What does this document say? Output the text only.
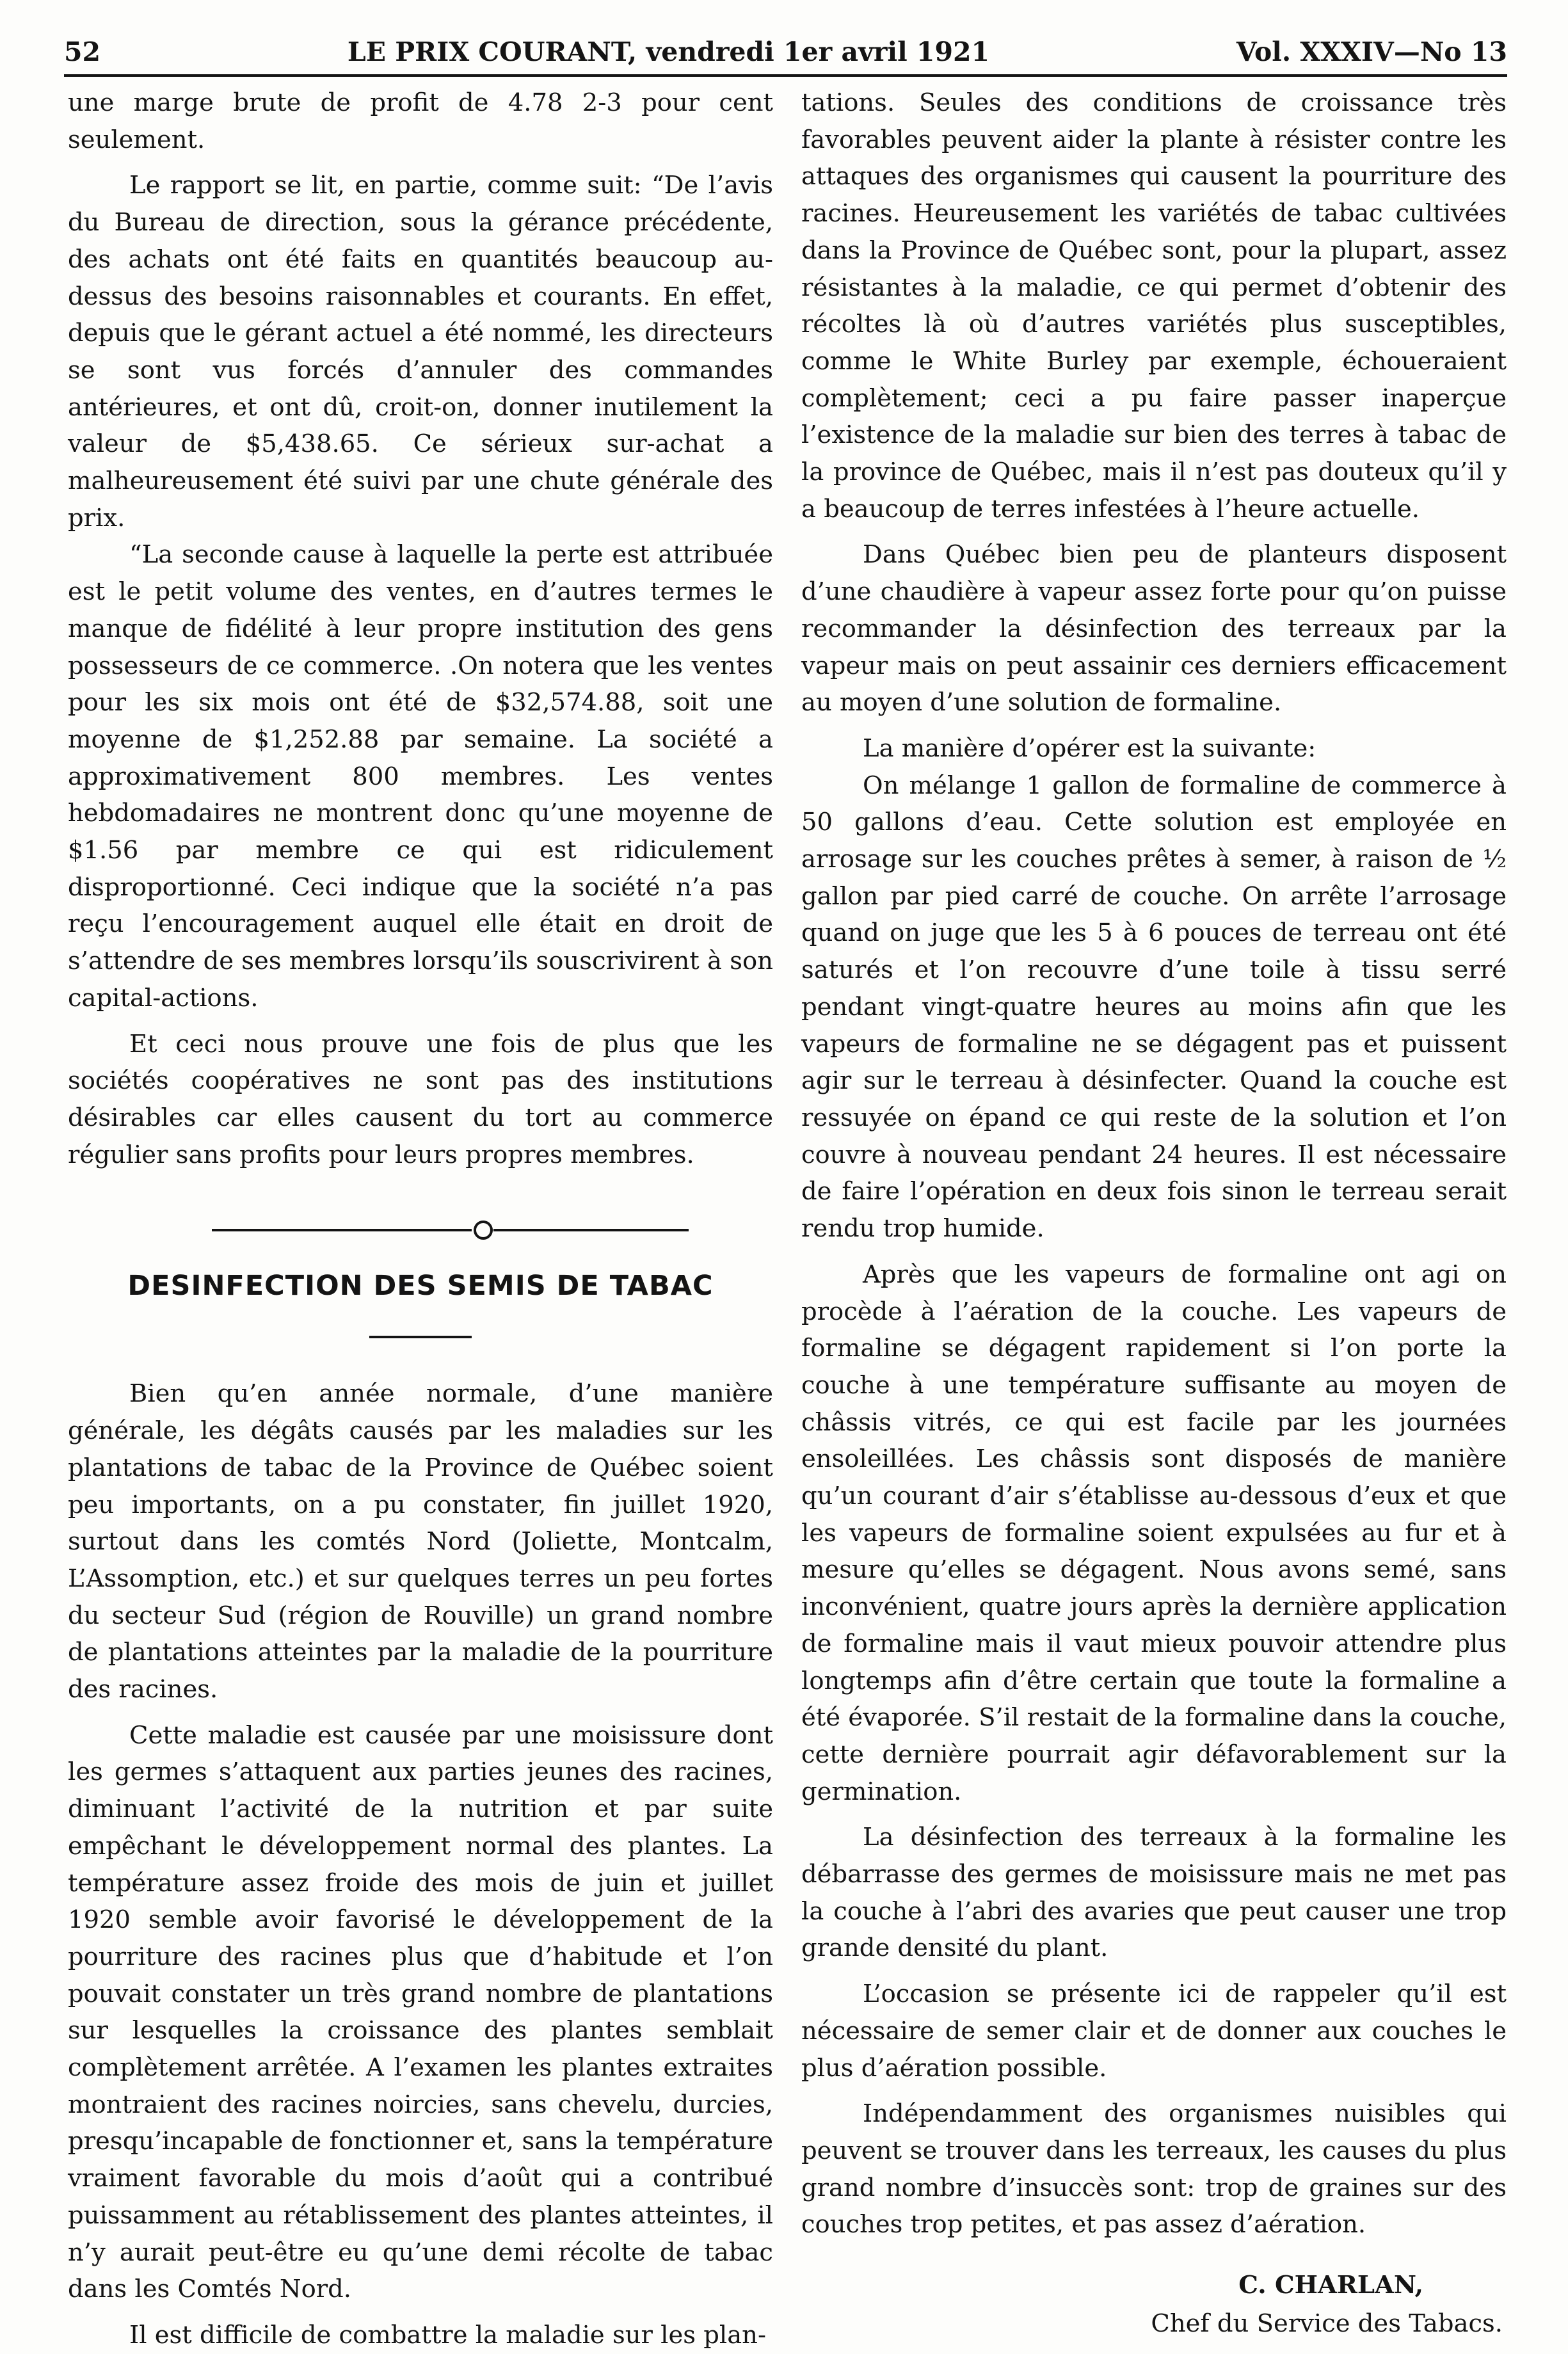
52	LE PRIX COURANT, vendredi 1er avril 1921	Vol. XXXIV—No 13

une marge brute de profit de 4.78 2-3 pour cent seulement.

Le rapport se lit, en partie, comme suit: “De l’avis du Bureau de direction, sous la gérance précédente, des achats ont été faits en quantités beaucoup au-dessus des besoins raisonnables et courants. En effet, depuis que le gérant actuel a été nommé, les directeurs se sont vus forcés d’annuler des commandes antérieures, et ont dû, croit-on, donner inutilement la valeur de $5,438.65. Ce sérieux sur-achat a malheureusement été suivi par une chute générale des prix.

“La seconde cause à laquelle la perte est attribuée est le petit volume des ventes, en d’autres termes le manque de fidélité à leur propre institution des gens possesseurs de ce commerce. .On notera que les ventes pour les six mois ont été de $32,574.88, soit une moyenne de $1,252.88 par semaine. La société a approximativement 800 membres. Les ventes hebdomadaires ne montrent donc qu’une moyenne de $1.56 par membre ce qui est ridiculement disproportionné. Ceci indique que la société n’a pas reçu l’encouragement auquel elle était en droit de s’attendre de ses membres lorsqu’ils souscrivirent à son capital-actions.

Et ceci nous prouve une fois de plus que les sociétés coopératives ne sont pas des institutions désirables car elles causent du tort au commerce régulier sans profits pour leurs propres membres.

DESINFECTION DES SEMIS DE TABAC

Bien qu’en année normale, d’une manière générale, les dégâts causés par les maladies sur les plantations de tabac de la Province de Québec soient peu importants, on a pu constater, fin juillet 1920, surtout dans les comtés Nord (Joliette, Montcalm, L’Assomption, etc.) et sur quelques terres un peu fortes du secteur Sud (région de Rouville) un grand nombre de plantations atteintes par la maladie de la pourriture des racines.

Cette maladie est causée par une moisissure dont les germes s’attaquent aux parties jeunes des racines, diminuant l’activité de la nutrition et par suite empêchant le développement normal des plantes. La température assez froide des mois de juin et juillet 1920 semble avoir favorisé le développement de la pourriture des racines plus que d’habitude et l’on pouvait constater un très grand nombre de plantations sur lesquelles la croissance des plantes semblait complètement arrêtée. A l’examen les plantes extraites montraient des racines noircies, sans chevelu, durcies, presqu’incapable de fonctionner et, sans la température vraiment favorable du mois d’août qui a contribué puissamment au rétablissement des plantes atteintes, il n’y aurait peut-être eu qu’une demi récolte de tabac dans les Comtés Nord.

Il est difficile de combattre la maladie sur les plan-

tations. Seules des conditions de croissance très favorables peuvent aider la plante à résister contre les attaques des organismes qui causent la pourriture des racines. Heureusement les variétés de tabac cultivées dans la Province de Québec sont, pour la plupart, assez résistantes à la maladie, ce qui permet d’obtenir des récoltes là où d’autres variétés plus susceptibles, comme le White Burley par exemple, échoueraient complètement; ceci a pu faire passer inaperçue l’existence de la maladie sur bien des terres à tabac de la province de Québec, mais il n’est pas douteux qu’il y a beaucoup de terres infestées à l’heure actuelle.

Dans Québec bien peu de planteurs disposent d’une chaudière à vapeur assez forte pour qu’on puisse recommander la désinfection des terreaux par la vapeur mais on peut assainir ces derniers efficacement au moyen d’une solution de formaline.

La manière d’opérer est la suivante:

On mélange 1 gallon de formaline de commerce à 50 gallons d’eau. Cette solution est employée en arrosage sur les couches prêtes à semer, à raison de ½ gallon par pied carré de couche. On arrête l’arrosage quand on juge que les 5 à 6 pouces de terreau ont été saturés et l’on recouvre d’une toile à tissu serré pendant vingt-quatre heures au moins afin que les vapeurs de formaline ne se dégagent pas et puissent agir sur le terreau à désinfecter. Quand la couche est ressuyée on épand ce qui reste de la solution et l’on couvre à nouveau pendant 24 heures. Il est nécessaire de faire l’opération en deux fois sinon le terreau serait rendu trop humide.

Après que les vapeurs de formaline ont agi on procède à l’aération de la couche. Les vapeurs de formaline se dégagent rapidement si l’on porte la couche à une température suffisante au moyen de châssis vitrés, ce qui est facile par les journées ensoleillées. Les châssis sont disposés de manière qu’un courant d’air s’établisse au-dessous d’eux et que les vapeurs de formaline soient expulsées au fur et à mesure qu’elles se dégagent. Nous avons semé, sans inconvénient, quatre jours après la dernière application de formaline mais il vaut mieux pouvoir attendre plus longtemps afin d’être certain que toute la formaline a été évaporée. S’il restait de la formaline dans la couche, cette dernière pourrait agir défavorablement sur la germination.

La désinfection des terreaux à la formaline les débarrasse des germes de moisissure mais ne met pas la couche à l’abri des avaries que peut causer une trop grande densité du plant.

L’occasion se présente ici de rappeler qu’il est nécessaire de semer clair et de donner aux couches le plus d’aération possible.

Indépendamment des organismes nuisibles qui peuvent se trouver dans les terreaux, les causes du plus grand nombre d’insuccès sont: trop de graines sur des couches trop petites, et pas assez d’aération.

C. CHARLAN,
Chef du Service des Tabacs.
